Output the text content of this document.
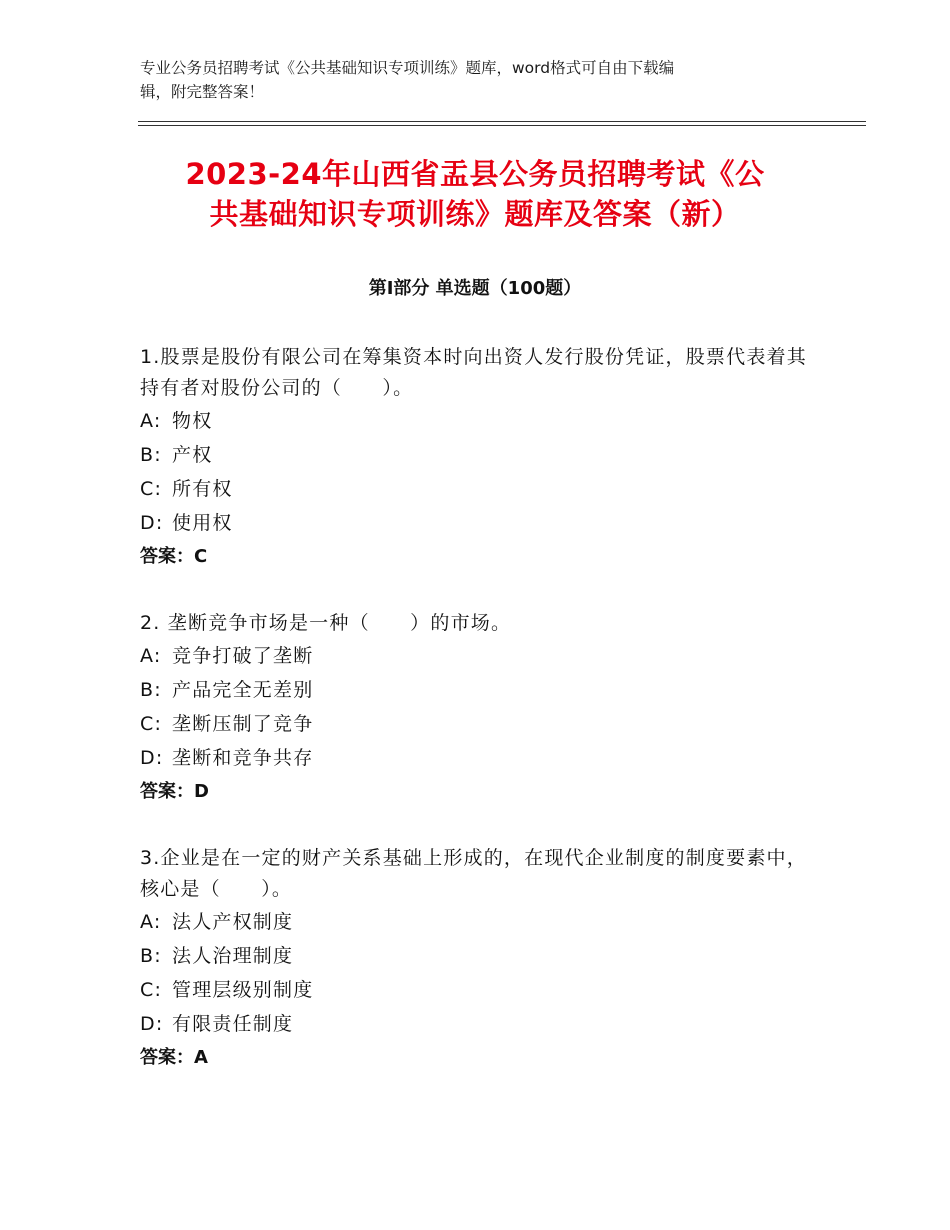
专业公务员招聘考试《公共基础知识专项训练》题库，word格式可自由下载编
辑，附完整答案！
2023-24年山西省盂县公务员招聘考试《公
共基础知识专项训练》题库及答案（新）
第Ⅰ部分 单选题（100题）

1.股票是股份有限公司在筹集资本时向出资人发行股份凭证，股票代表着其持有者对股份公司的（　　）。

A: 物权
B: 产权
C: 所有权
D: 使用权
答案：C

2. 垄断竞争市场是一种（　　）的市场。

A: 竞争打破了垄断
B: 产品完全无差别
C: 垄断压制了竞争
D: 垄断和竞争共存
答案：D

3.企业是在一定的财产关系基础上形成的，在现代企业制度的制度要素中，核心是（　　）。

A: 法人产权制度
B: 法人治理制度
C: 管理层级别制度
D: 有限责任制度
答案：A
